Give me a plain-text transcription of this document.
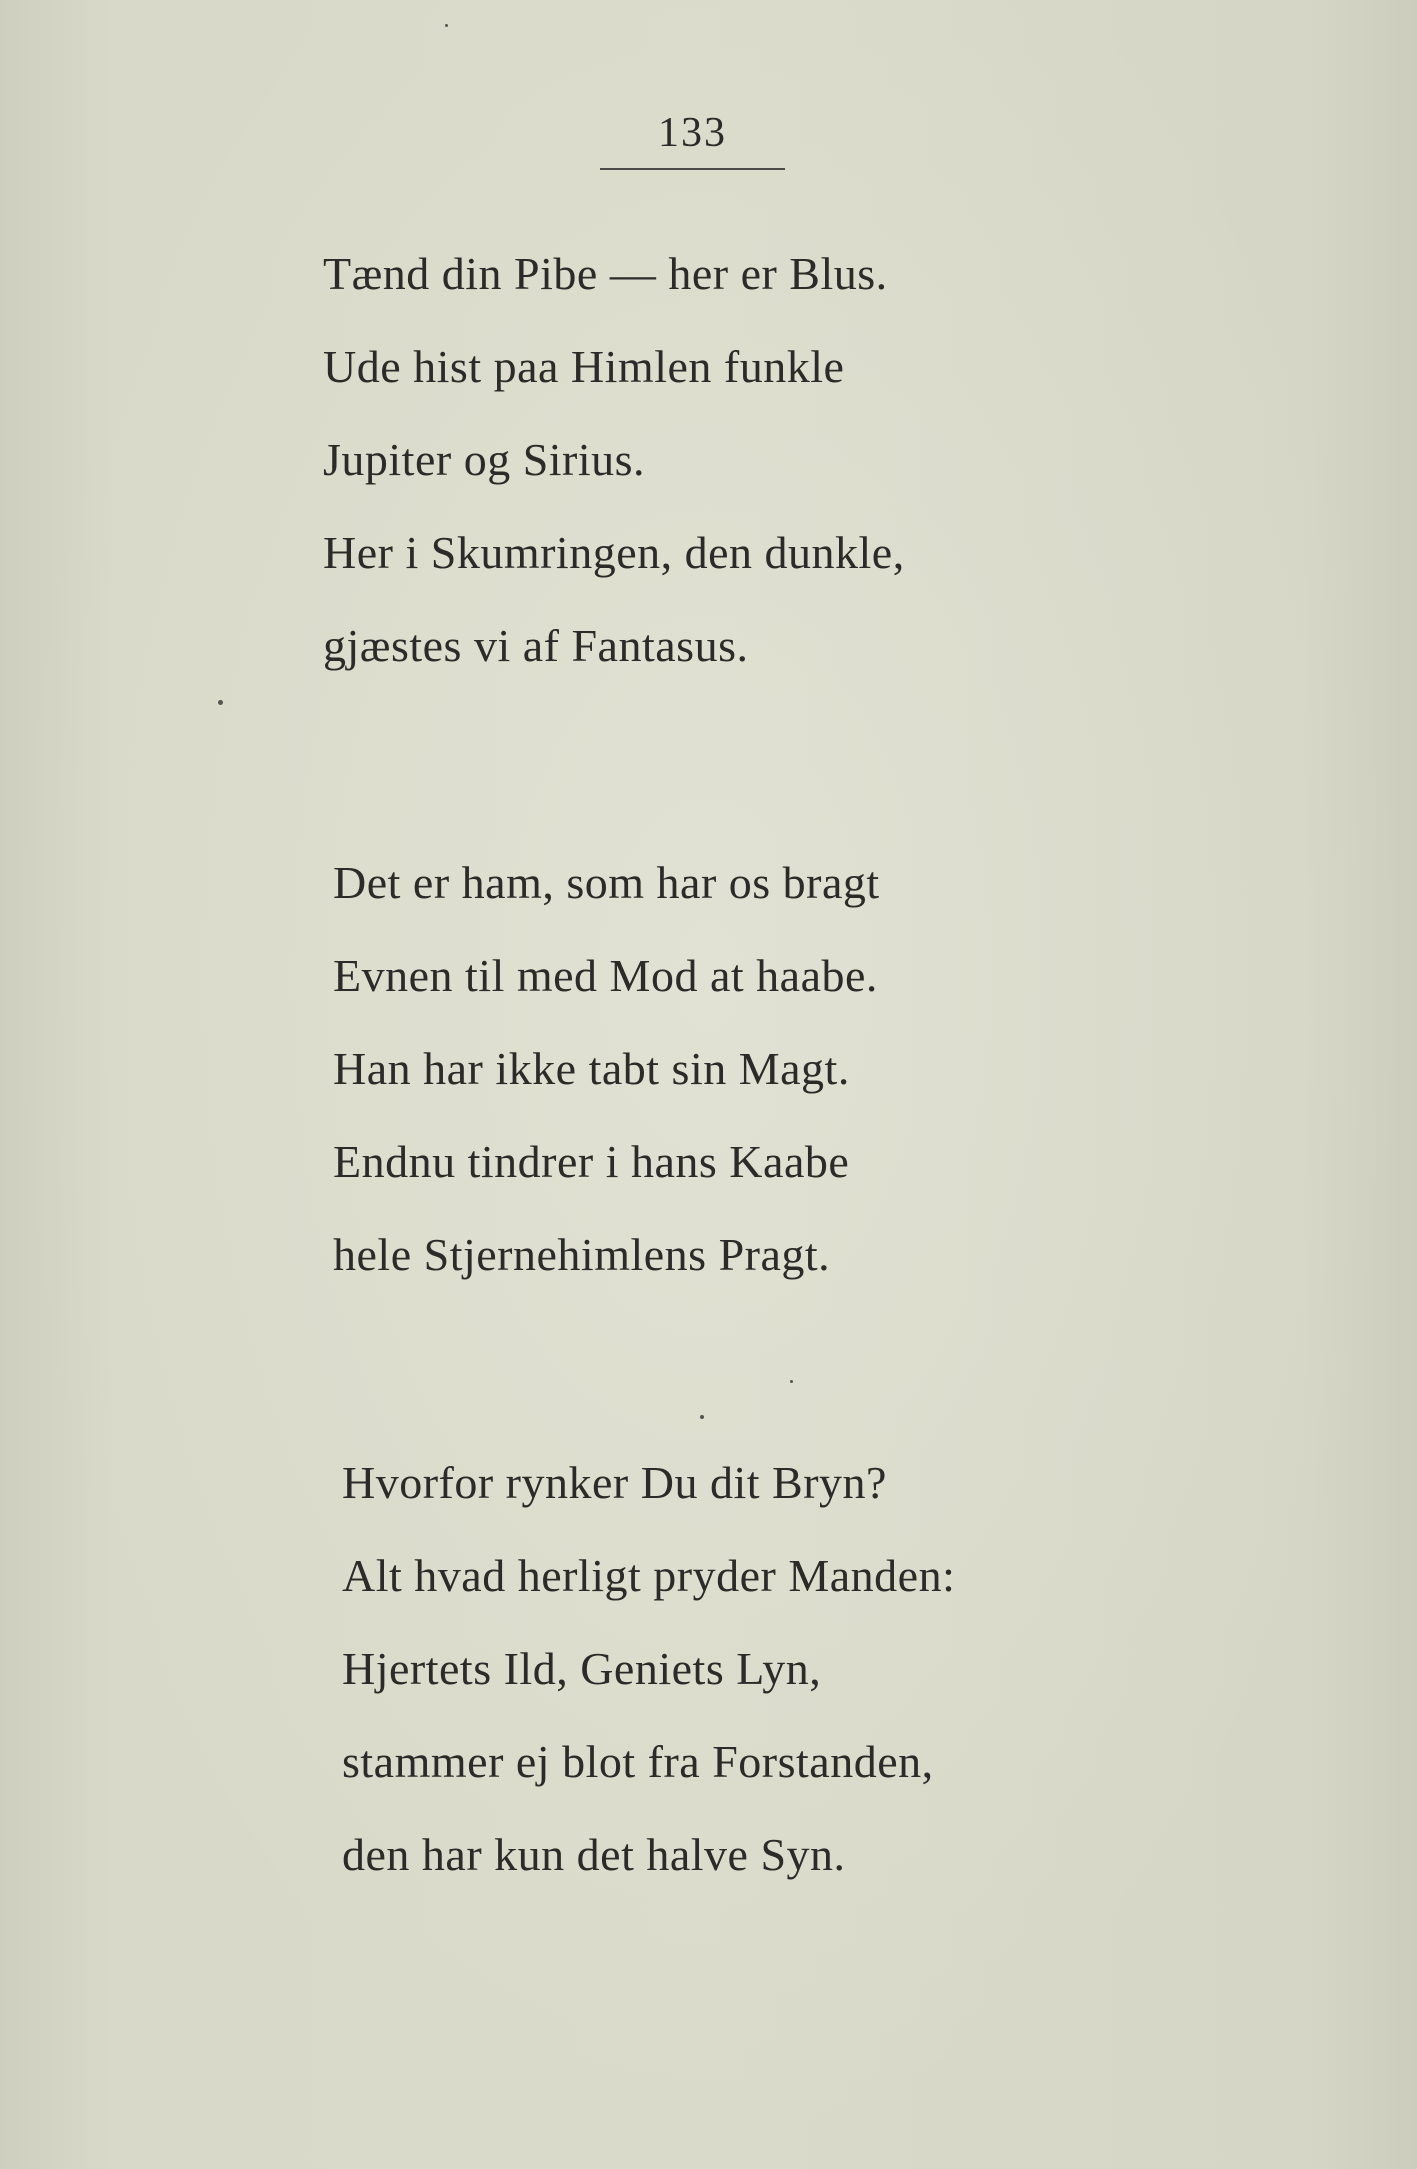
133
Tænd din Pibe — her er Blus.
Ude hist paa Himlen funkle
Jupiter og Sirius.
Her i Skumringen, den dunkle,
gjæstes vi af Fantasus.
Det er ham, som har os bragt
Evnen til med Mod at haabe.
Han har ikke tabt sin Magt.
Endnu tindrer i hans Kaabe
hele Stjernehimlens Pragt.
Hvorfor rynker Du dit Bryn?
Alt hvad herligt pryder Manden:
Hjertets Ild, Geniets Lyn,
stammer ej blot fra Forstanden,
den har kun det halve Syn.
